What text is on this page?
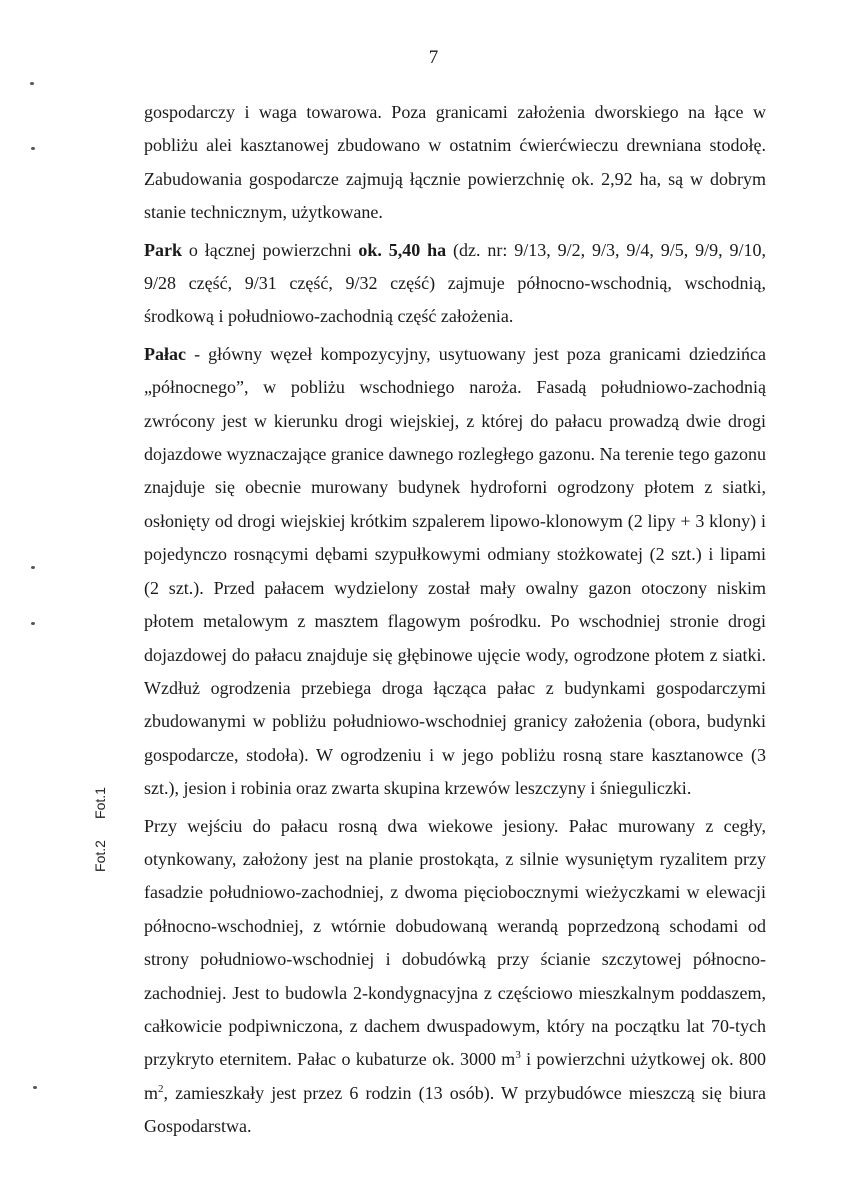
7
Fot.1
Fot.2

gospodarczy i waga towarowa. Poza granicami założenia dworskiego na łące w pobliżu alei kasztanowej zbudowano w ostatnim ćwierćwieczu drewniana stodołę. Zabudowania gospodarcze zajmują łącznie powierzchnię ok. 2,92 ha, są w dobrym stanie technicznym, użytkowane.

Park o łącznej powierzchni ok. 5,40 ha (dz. nr: 9/13, 9/2, 9/3, 9/4, 9/5, 9/9, 9/10, 9/28 część, 9/31 część, 9/32 część) zajmuje północno-wschodnią, wschodnią, środkową i południowo-zachodnią część założenia.

Pałac - główny węzeł kompozycyjny, usytuowany jest poza granicami dziedzińca „północnego”, w pobliżu wschodniego naroża. Fasadą południowo-zachodnią zwrócony jest w kierunku drogi wiejskiej, z której do pałacu prowadzą dwie drogi dojazdowe wyznaczające granice dawnego rozległego gazonu. Na terenie tego gazonu znajduje się obecnie murowany budynek hydroforni ogrodzony płotem z siatki, osłonięty od drogi wiejskiej krótkim szpalerem lipowo-klonowym (2 lipy + 3 klony) i pojedynczo rosnącymi dębami szypułkowymi odmiany stożkowatej (2 szt.) i lipami (2 szt.). Przed pałacem wydzielony został mały owalny gazon otoczony niskim płotem metalowym z masztem flagowym pośrodku. Po wschodniej stronie drogi dojazdowej do pałacu znajduje się głębinowe ujęcie wody, ogrodzone płotem z siatki. Wzdłuż ogrodzenia przebiega droga łącząca pałac z budynkami gospodarczymi zbudowanymi w pobliżu południowo-wschodniej granicy założenia (obora, budynki gospodarcze, stodoła). W ogrodzeniu i w jego pobliżu rosną stare kasztanowce (3 szt.), jesion i robinia oraz zwarta skupina krzewów leszczyny i śnieguliczki.

Przy wejściu do pałacu rosną dwa wiekowe jesiony. Pałac murowany z cegły, otynkowany, założony jest na planie prostokąta, z silnie wysuniętym ryzalitem przy fasadzie południowo-zachodniej, z dwoma pięciobocznymi wieżyczkami w elewacji północno-wschodniej, z wtórnie dobudowaną werandą poprzedzoną schodami od strony południowo-wschodniej i dobudówką przy ścianie szczytowej północno-zachodniej. Jest to budowla 2-kondygnacyjna z częściowo mieszkalnym poddaszem, całkowicie podpiwniczona, z dachem dwuspadowym, który na początku lat 70-tych przykryto eternitem. Pałac o kubaturze ok. 3000 $m^3$ i powierzchni użytkowej ok. 800 $m^2$, zamieszkały jest przez 6 rodzin (13 osób). W przybudówce mieszczą się biura Gospodarstwa.
